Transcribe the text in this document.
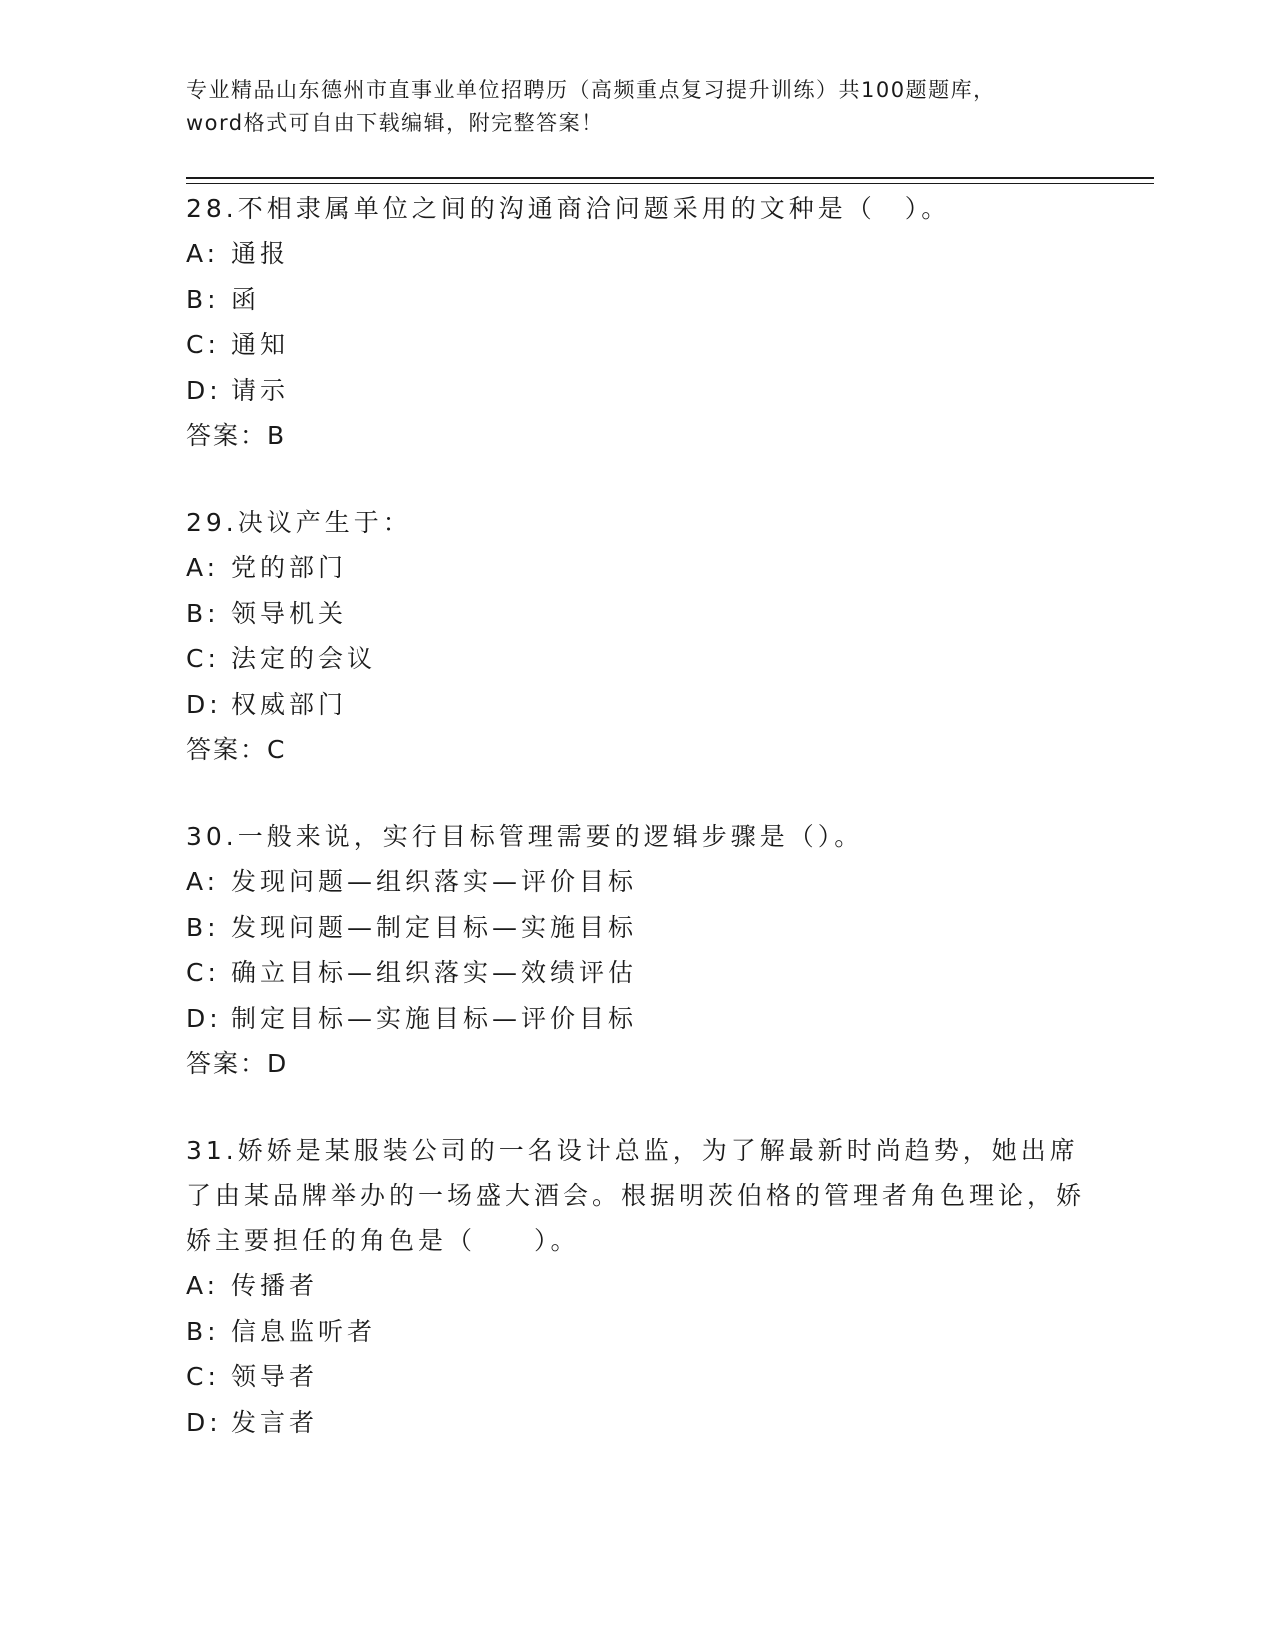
专业精品山东德州市直事业单位招聘历（高频重点复习提升训练）共100题题库，word格式可自由下载编辑，附完整答案！

28.不相隶属单位之间的沟通商洽问题采用的文种是（　）。

A: 通报

B: 函

C: 通知

D: 请示

答案：B

29.决议产生于：

A: 党的部门

B: 领导机关

C: 法定的会议

D: 权威部门

答案：C

30.一般来说，实行目标管理需要的逻辑步骤是（）。

A: 发现问题—组织落实—评价目标

B: 发现问题—制定目标—实施目标

C: 确立目标—组织落实—效绩评估

D: 制定目标—实施目标—评价目标

答案：D

31.娇娇是某服装公司的一名设计总监，为了解最新时尚趋势，她出席了由某品牌举办的一场盛大酒会。根据明茨伯格的管理者角色理论，娇娇主要担任的角色是（　　）。

A: 传播者

B: 信息监听者

C: 领导者

D: 发言者
